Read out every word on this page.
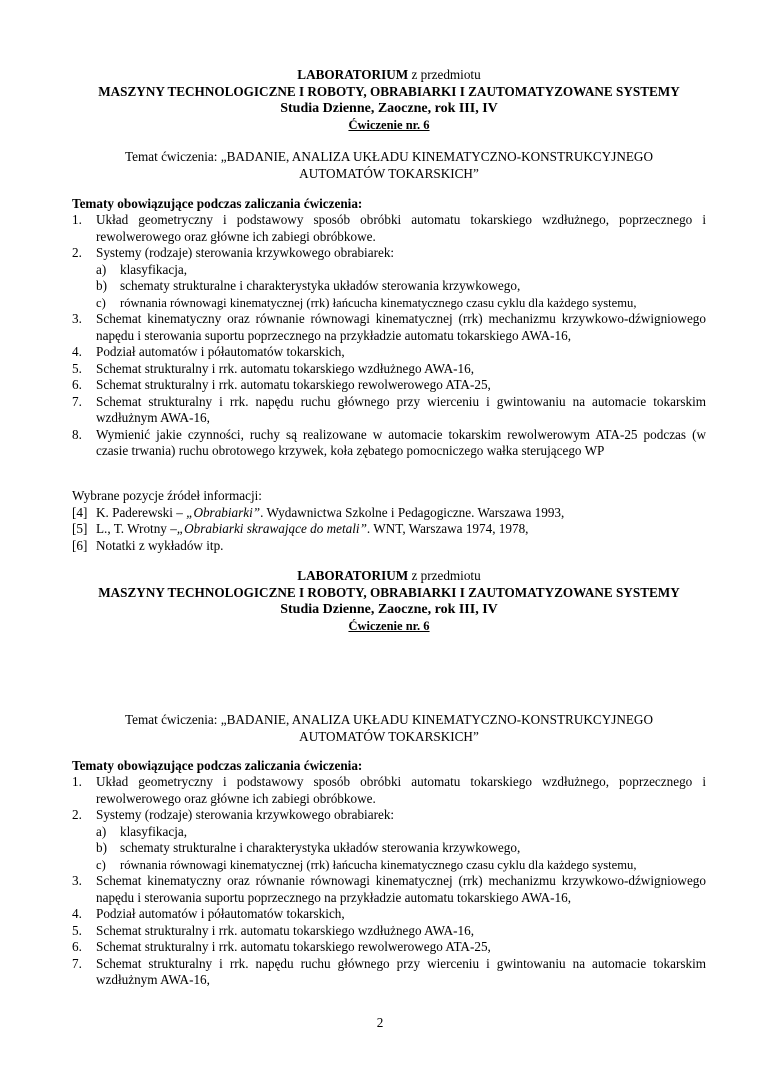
LABORATORIUM z przedmiotu
MASZYNY TECHNOLOGICZNE I ROBOTY, OBRABIARKI I ZAUTOMATYZOWANE SYSTEMY
Studia Dzienne, Zaoczne, rok III, IV
Ćwiczenie nr. 6
Temat ćwiczenia: „BADANIE, ANALIZA UKŁADU KINEMATYCZNO-KONSTRUKCYJNEGO
AUTOMATÓW TOKARSKICH”
Tematy obowiązujące podczas zaliczania ćwiczenia:
1. Układ geometryczny i podstawowy sposób obróbki automatu tokarskiego wzdłużnego, poprzecznego i rewolwerowego oraz główne ich zabiegi obróbkowe.
2. Systemy (rodzaje) sterowania krzywkowego obrabiarek:
a) klasyfikacja,
b) schematy strukturalne i charakterystyka układów sterowania krzywkowego,
c) równania równowagi kinematycznej (rrk) łańcucha kinematycznego czasu cyklu dla każdego systemu,
3. Schemat kinematyczny oraz równanie równowagi kinematycznej (rrk) mechanizmu krzywkowo-dźwigniowego napędu i sterowania suportu poprzecznego na przykładzie automatu tokarskiego AWA-16,
4. Podział automatów i półautomatów tokarskich,
5. Schemat strukturalny i rrk. automatu tokarskiego wzdłużnego AWA-16,
6. Schemat strukturalny i rrk. automatu tokarskiego rewolwerowego ATA-25,
7. Schemat strukturalny i rrk. napędu ruchu głównego przy wierceniu i gwintowaniu na automacie tokarskim wzdłużnym AWA-16,
8. Wymienić jakie czynności, ruchy są realizowane w automacie tokarskim rewolwerowym ATA-25 podczas (w czasie trwania) ruchu obrotowego krzywek, koła zębatego pomocniczego wałka sterującego WP
Wybrane pozycje źródeł informacji:
[4] K. Paderewski – „Obrabiarki”. Wydawnictwa Szkolne i Pedagogiczne. Warszawa 1993,
[5] L., T. Wrotny –„Obrabiarki skrawające do metali”. WNT, Warszawa 1974, 1978,
[6] Notatki z wykładów itp.
LABORATORIUM z przedmiotu
MASZYNY TECHNOLOGICZNE I ROBOTY, OBRABIARKI I ZAUTOMATYZOWANE SYSTEMY
Studia Dzienne, Zaoczne, rok III, IV
Ćwiczenie nr. 6
Temat ćwiczenia: „BADANIE, ANALIZA UKŁADU KINEMATYCZNO-KONSTRUKCYJNEGO
AUTOMATÓW TOKARSKICH”
Tematy obowiązujące podczas zaliczania ćwiczenia:
1. Układ geometryczny i podstawowy sposób obróbki automatu tokarskiego wzdłużnego, poprzecznego i rewolwerowego oraz główne ich zabiegi obróbkowe.
2. Systemy (rodzaje) sterowania krzywkowego obrabiarek:
a) klasyfikacja,
b) schematy strukturalne i charakterystyka układów sterowania krzywkowego,
c) równania równowagi kinematycznej (rrk) łańcucha kinematycznego czasu cyklu dla każdego systemu,
3. Schemat kinematyczny oraz równanie równowagi kinematycznej (rrk) mechanizmu krzywkowo-dźwigniowego napędu i sterowania suportu poprzecznego na przykładzie automatu tokarskiego AWA-16,
4. Podział automatów i półautomatów tokarskich,
5. Schemat strukturalny i rrk. automatu tokarskiego wzdłużnego AWA-16,
6. Schemat strukturalny i rrk. automatu tokarskiego rewolwerowego ATA-25,
7. Schemat strukturalny i rrk. napędu ruchu głównego przy wierceniu i gwintowaniu na automacie tokarskim wzdłużnym AWA-16,
2
